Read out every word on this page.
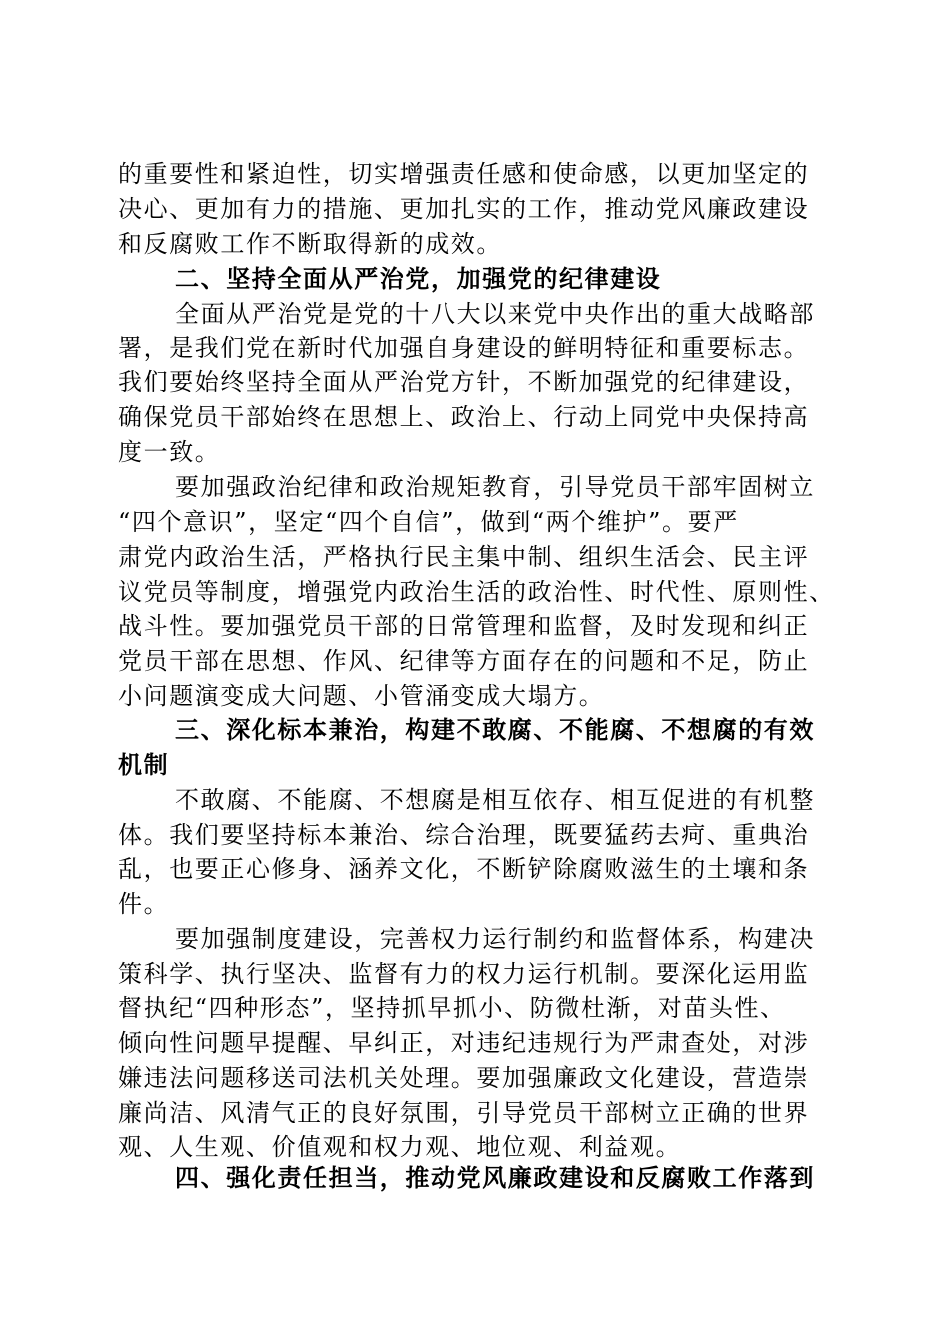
的重要性和紧迫性，切实增强责任感和使命感，以更加坚定的
决心、更加有力的措施、更加扎实的工作，推动党风廉政建设
和反腐败工作不断取得新的成效。
二、坚持全面从严治党，加强党的纪律建设
全面从严治党是党的十八大以来党中央作出的重大战略部
署，是我们党在新时代加强自身建设的鲜明特征和重要标志。
我们要始终坚持全面从严治党方针，不断加强党的纪律建设，
确保党员干部始终在思想上、政治上、行动上同党中央保持高
度一致。
要加强政治纪律和政治规矩教育，引导党员干部牢固树立
“四个意识”，坚定“四个自信”，做到“两个维护”。要严
肃党内政治生活，严格执行民主集中制、组织生活会、民主评
议党员等制度，增强党内政治生活的政治性、时代性、原则性、
战斗性。要加强党员干部的日常管理和监督，及时发现和纠正
党员干部在思想、作风、纪律等方面存在的问题和不足，防止
小问题演变成大问题、小管涌变成大塌方。
三、深化标本兼治，构建不敢腐、不能腐、不想腐的有效
机制
不敢腐、不能腐、不想腐是相互依存、相互促进的有机整
体。我们要坚持标本兼治、综合治理，既要猛药去疴、重典治
乱，也要正心修身、涵养文化，不断铲除腐败滋生的土壤和条
件。
要加强制度建设，完善权力运行制约和监督体系，构建决
策科学、执行坚决、监督有力的权力运行机制。要深化运用监
督执纪“四种形态”，坚持抓早抓小、防微杜渐，对苗头性、
倾向性问题早提醒、早纠正，对违纪违规行为严肃查处，对涉
嫌违法问题移送司法机关处理。要加强廉政文化建设，营造崇
廉尚洁、风清气正的良好氛围，引导党员干部树立正确的世界
观、人生观、价值观和权力观、地位观、利益观。
四、强化责任担当，推动党风廉政建设和反腐败工作落到
